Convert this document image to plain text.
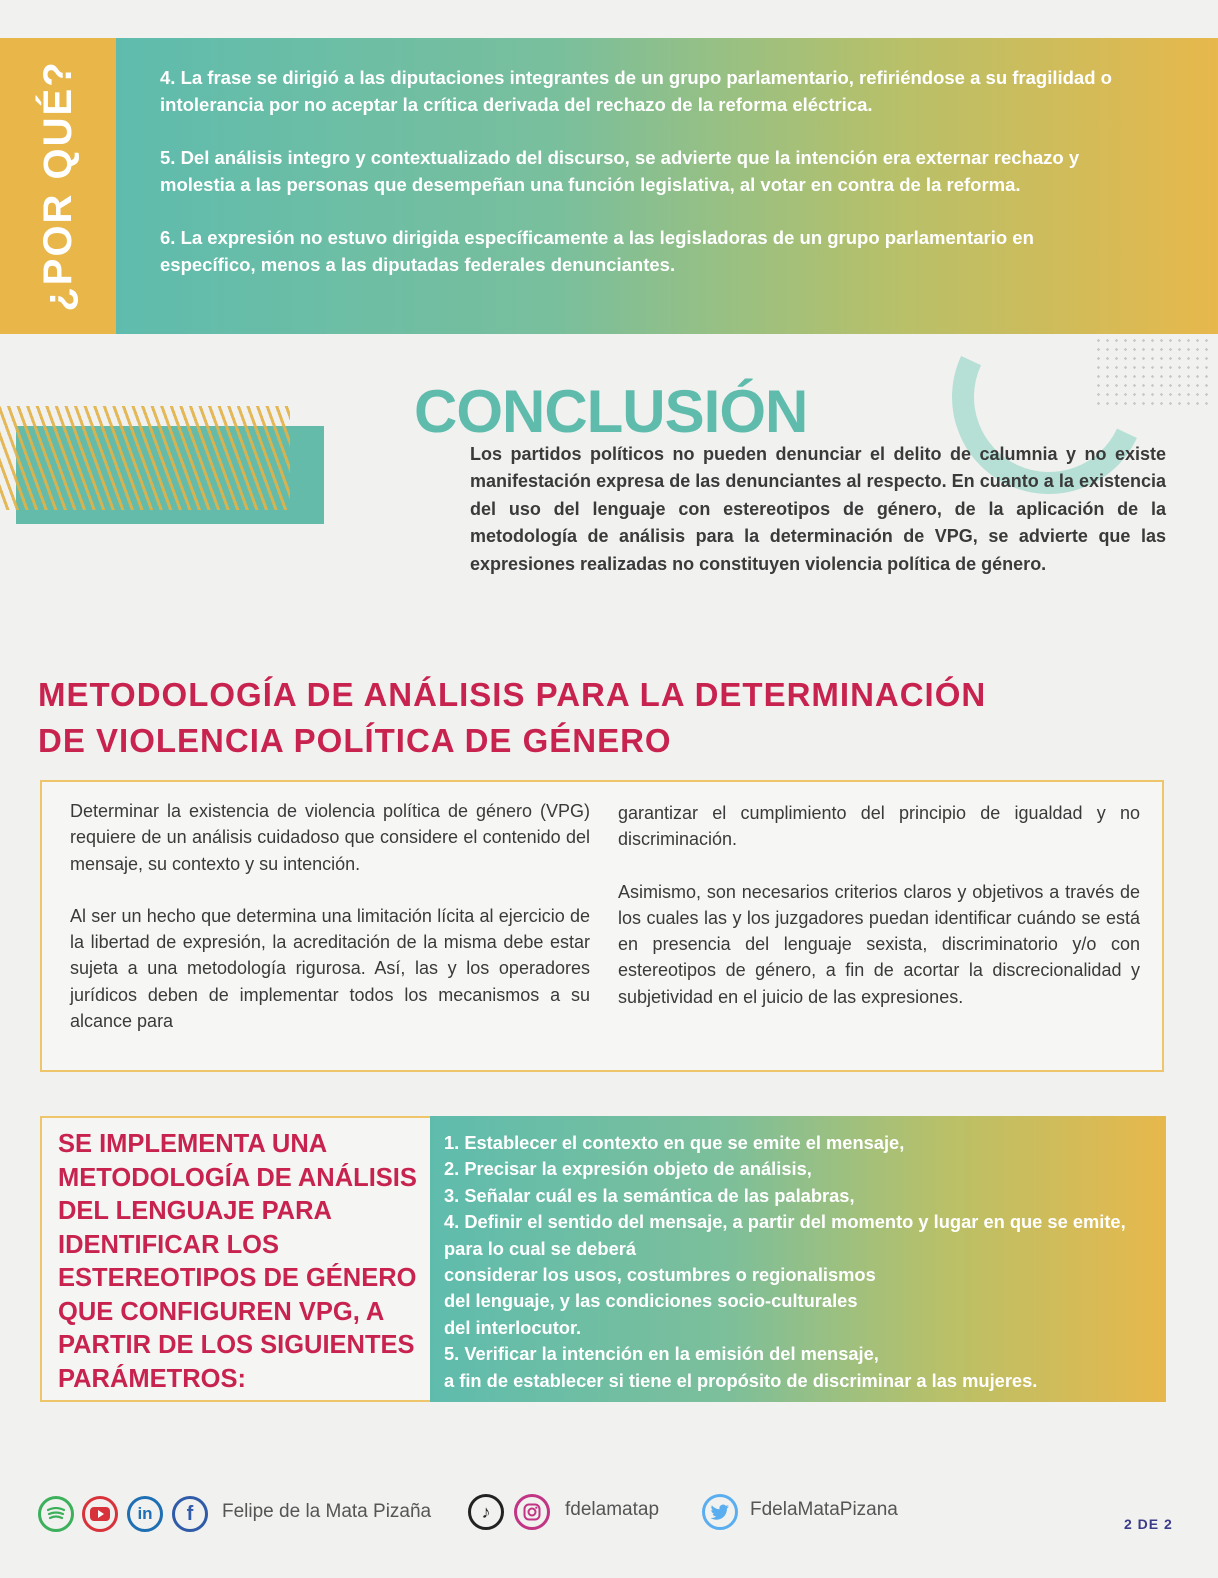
¿POR QUÉ?	4. La frase se dirigió a las diputaciones integrantes de un grupo parlamentario, refiriéndose a su fragilidad o intolerancia por no aceptar la crítica derivada del rechazo de la reforma eléctrica.

5. Del análisis integro y contextualizado del discurso, se advierte que la intención era externar rechazo y molestia a las personas que desempeñan una función legislativa, al votar en contra de la reforma.

6. La expresión no estuvo dirigida específicamente a las legisladoras de un grupo parlamentario en específico, menos a las diputadas federales denunciantes.

CONCLUSIÓN

Los partidos políticos no pueden denunciar el delito de calumnia y no existe manifestación expresa de las denunciantes al respecto. En cuanto a la existencia del uso del lenguaje con estereotipos de género, de la aplicación de la metodología de análisis para la determinación de VPG, se advierte que las expresiones realizadas no constituyen violencia política de género.

METODOLOGÍA DE ANÁLISIS PARA LA DETERMINACIÓN
DE VIOLENCIA POLÍTICA DE GÉNERO

Determinar la existencia de violencia política de género (VPG) requiere de un análisis cuidadoso que considere el contenido del mensaje, su contexto y su intención.

Al ser un hecho que determina una limitación lícita al ejercicio de la libertad de expresión, la acreditación de la misma debe estar sujeta a una metodología rigurosa. Así, las y los operadores jurídicos deben de implementar todos los mecanismos a su alcance para

garantizar el cumplimiento del principio de igualdad y no discriminación.

Asimismo, son necesarios criterios claros y objetivos a través de los cuales las y los juzgadores puedan identificar cuándo se está en presencia del lenguaje sexista, discriminatorio y/o con estereotipos de género, a fin de acortar la discrecionalidad y subjetividad en el juicio de las expresiones.

SE IMPLEMENTA UNA METODOLOGÍA DE ANÁLISIS DEL LENGUAJE PARA IDENTIFICAR LOS ESTEREOTIPOS DE GÉNERO QUE CONFIGUREN VPG, A PARTIR DE LOS SIGUIENTES PARÁMETROS:

1. Establecer el contexto en que se emite el mensaje,
2. Precisar la expresión objeto de análisis,
3. Señalar cuál es la semántica de las palabras,
4. Definir el sentido del mensaje, a partir del momento y lugar en que se emite, para lo cual se deberá
considerar los usos, costumbres o regionalismos
del lenguaje, y las condiciones socio-culturales
del interlocutor.
5. Verificar la intención en la emisión del mensaje,
a fin de establecer si tiene el propósito de discriminar a las mujeres.
in	f	Felipe de la Mata Pizaña	♪	fdelamatap	FdelaMataPizana
2 DE 2
